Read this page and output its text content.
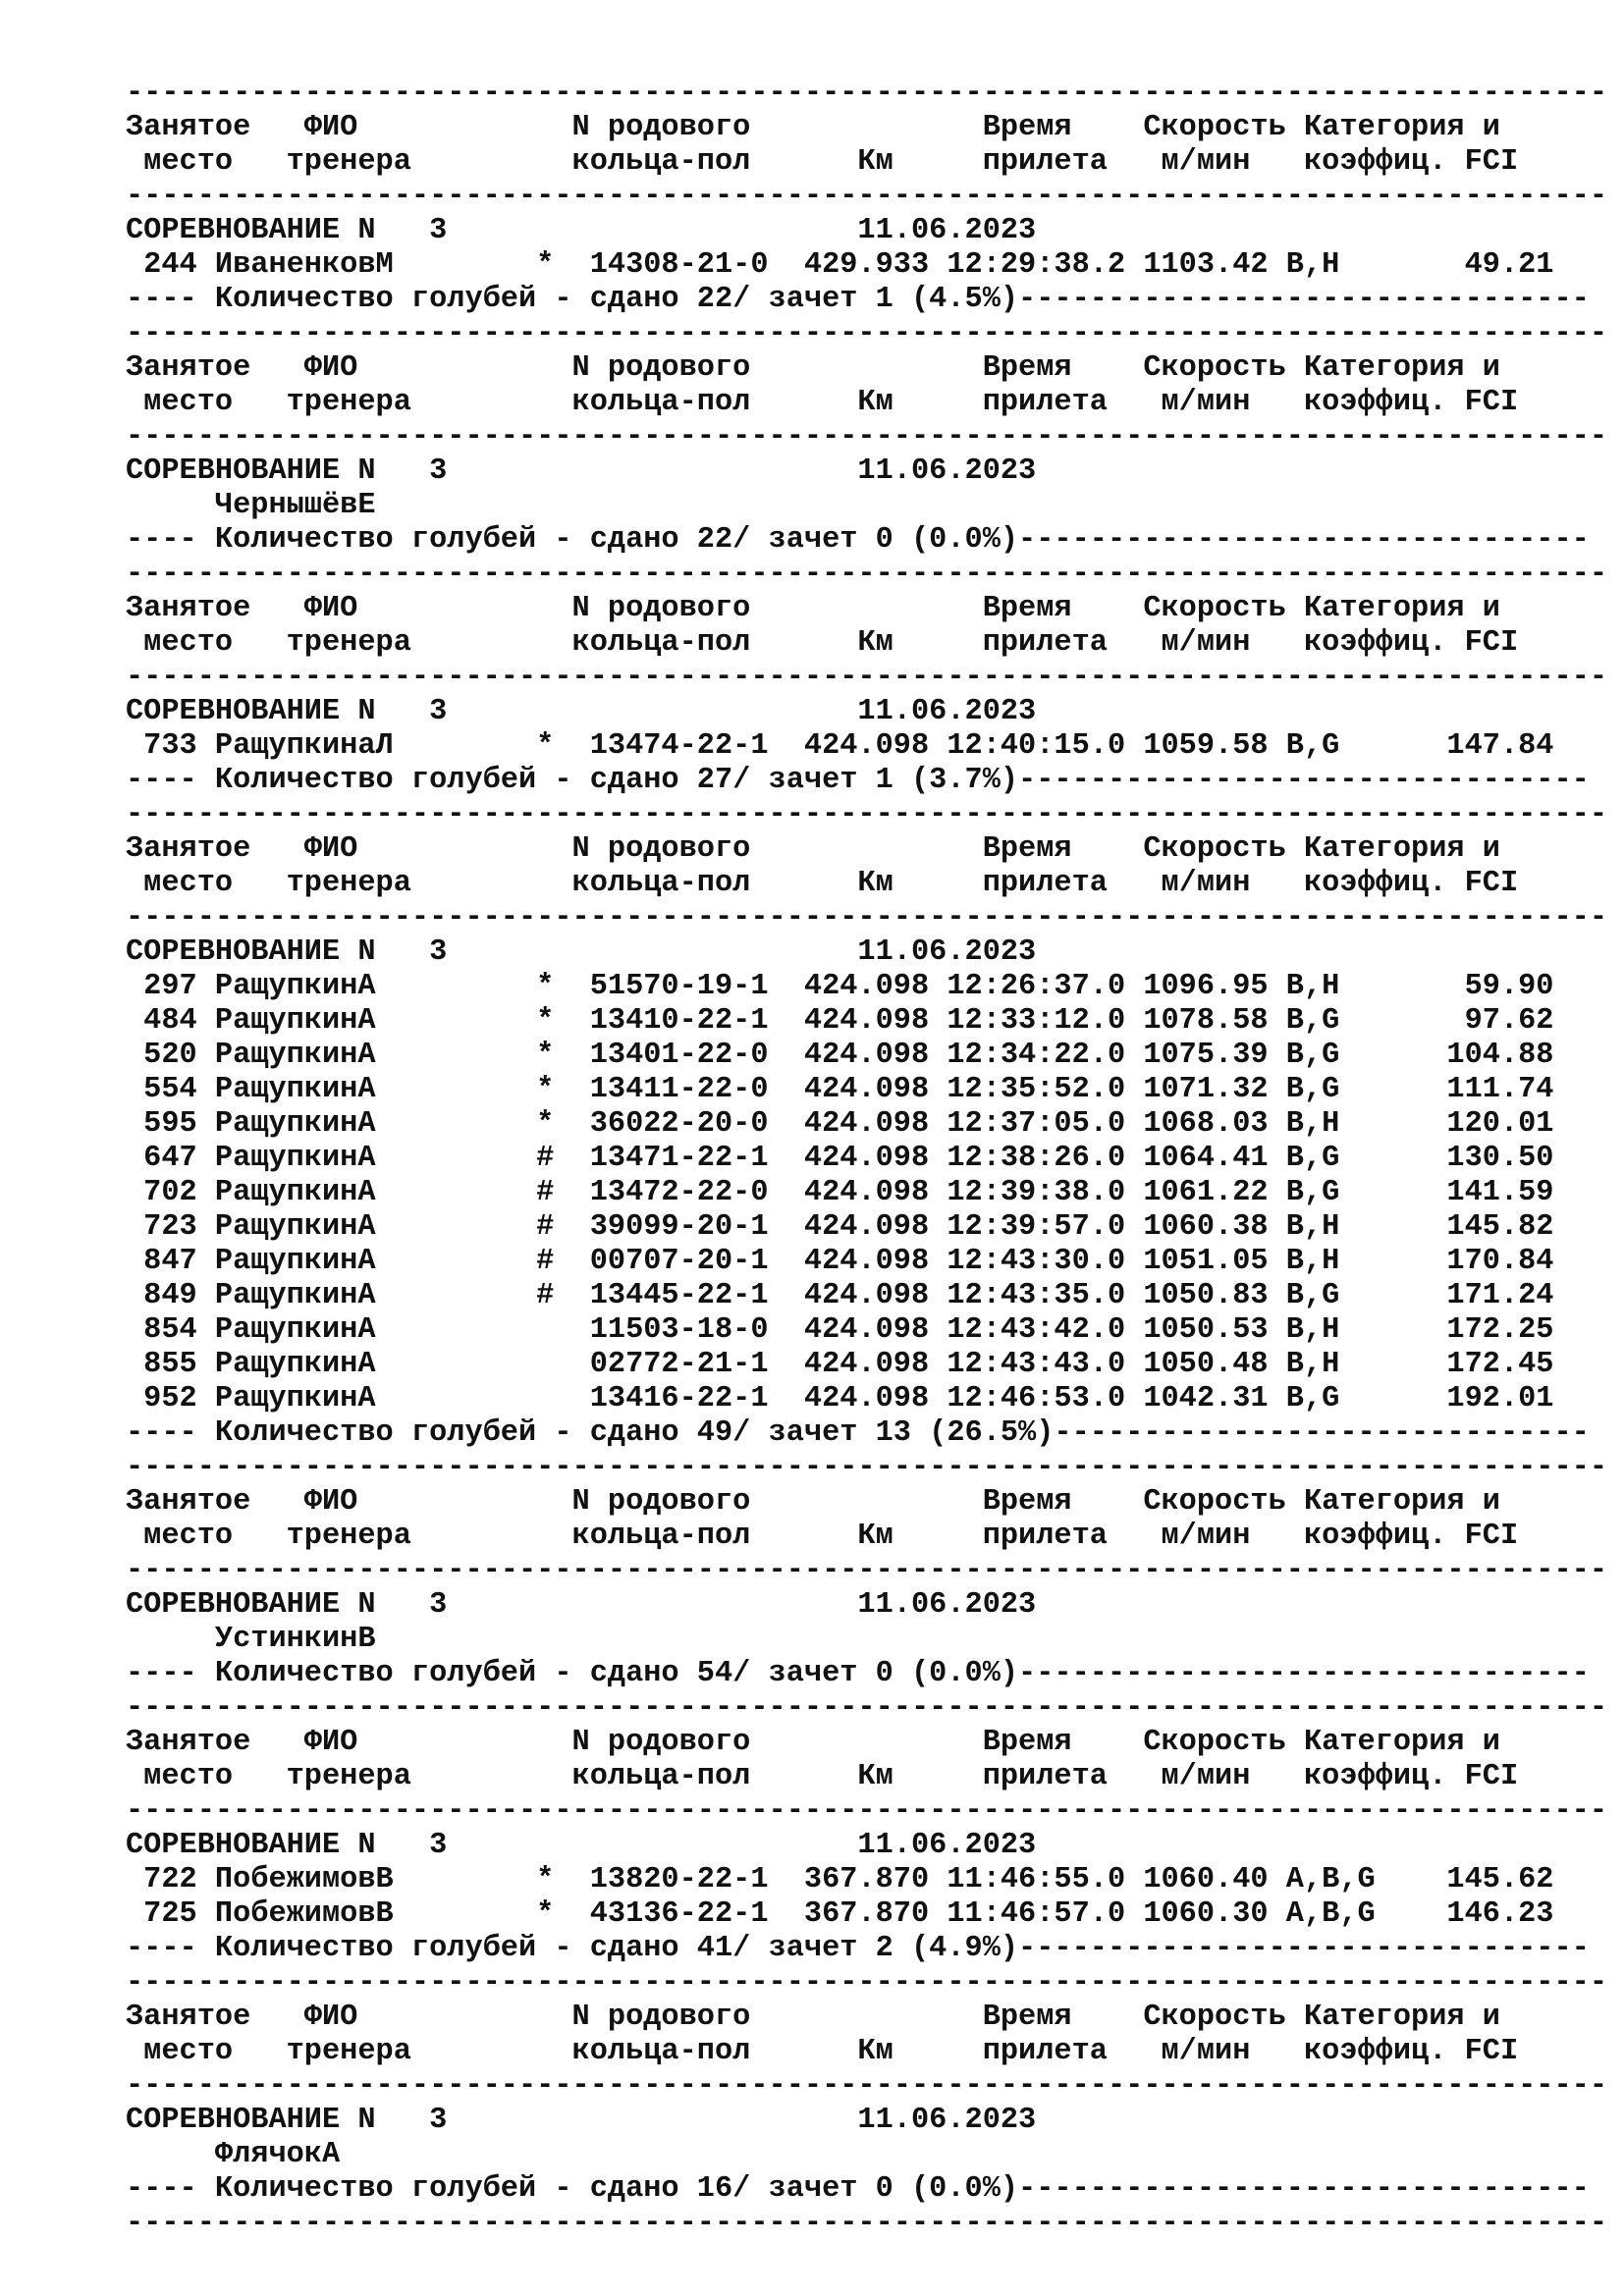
-----------------------------------------------------------------------------------
Занятое   ФИО            N родового             Время    Скорость Категория и
место   тренера         кольца-пол      Км     прилета   м/мин   коэффиц. FCI
-----------------------------------------------------------------------------------
СОРЕВНОВАНИЕ N   3                       11.06.2023
244 ИваненковМ        *  14308-21-0  429.933 12:29:38.2 1103.42 B,H       49.21
---- Количество голубей - сдано 22/ зачет 1 (4.5%)--------------------------------
-----------------------------------------------------------------------------------
Занятое   ФИО            N родового             Время    Скорость Категория и
место   тренера         кольца-пол      Км     прилета   м/мин   коэффиц. FCI
-----------------------------------------------------------------------------------
СОРЕВНОВАНИЕ N   3                       11.06.2023
ЧернышёвЕ
---- Количество голубей - сдано 22/ зачет 0 (0.0%)--------------------------------
-----------------------------------------------------------------------------------
Занятое   ФИО            N родового             Время    Скорость Категория и
место   тренера         кольца-пол      Км     прилета   м/мин   коэффиц. FCI
-----------------------------------------------------------------------------------
СОРЕВНОВАНИЕ N   3                       11.06.2023
733 РащупкинаЛ        *  13474-22-1  424.098 12:40:15.0 1059.58 B,G      147.84
---- Количество голубей - сдано 27/ зачет 1 (3.7%)--------------------------------
-----------------------------------------------------------------------------------
Занятое   ФИО            N родового             Время    Скорость Категория и
место   тренера         кольца-пол      Км     прилета   м/мин   коэффиц. FCI
-----------------------------------------------------------------------------------
СОРЕВНОВАНИЕ N   3                       11.06.2023
297 РащупкинА         *  51570-19-1  424.098 12:26:37.0 1096.95 B,H       59.90
484 РащупкинА         *  13410-22-1  424.098 12:33:12.0 1078.58 B,G       97.62
520 РащупкинА         *  13401-22-0  424.098 12:34:22.0 1075.39 B,G      104.88
554 РащупкинА         *  13411-22-0  424.098 12:35:52.0 1071.32 B,G      111.74
595 РащупкинА         *  36022-20-0  424.098 12:37:05.0 1068.03 B,H      120.01
647 РащупкинА         #  13471-22-1  424.098 12:38:26.0 1064.41 B,G      130.50
702 РащупкинА         #  13472-22-0  424.098 12:39:38.0 1061.22 B,G      141.59
723 РащупкинА         #  39099-20-1  424.098 12:39:57.0 1060.38 B,H      145.82
847 РащупкинА         #  00707-20-1  424.098 12:43:30.0 1051.05 B,H      170.84
849 РащупкинА         #  13445-22-1  424.098 12:43:35.0 1050.83 B,G      171.24
854 РащупкинА            11503-18-0  424.098 12:43:42.0 1050.53 B,H      172.25
855 РащупкинА            02772-21-1  424.098 12:43:43.0 1050.48 B,H      172.45
952 РащупкинА            13416-22-1  424.098 12:46:53.0 1042.31 B,G      192.01
---- Количество голубей - сдано 49/ зачет 13 (26.5%)------------------------------
-----------------------------------------------------------------------------------
Занятое   ФИО            N родового             Время    Скорость Категория и
место   тренера         кольца-пол      Км     прилета   м/мин   коэффиц. FCI
-----------------------------------------------------------------------------------
СОРЕВНОВАНИЕ N   3                       11.06.2023
УстинкинВ
---- Количество голубей - сдано 54/ зачет 0 (0.0%)--------------------------------
-----------------------------------------------------------------------------------
Занятое   ФИО            N родового             Время    Скорость Категория и
место   тренера         кольца-пол      Км     прилета   м/мин   коэффиц. FCI
-----------------------------------------------------------------------------------
СОРЕВНОВАНИЕ N   3                       11.06.2023
722 ПобежимовВ        *  13820-22-1  367.870 11:46:55.0 1060.40 A,B,G    145.62
725 ПобежимовВ        *  43136-22-1  367.870 11:46:57.0 1060.30 A,B,G    146.23
---- Количество голубей - сдано 41/ зачет 2 (4.9%)--------------------------------
-----------------------------------------------------------------------------------
Занятое   ФИО            N родового             Время    Скорость Категория и
место   тренера         кольца-пол      Км     прилета   м/мин   коэффиц. FCI
-----------------------------------------------------------------------------------
СОРЕВНОВАНИЕ N   3                       11.06.2023
ФлячокА
---- Количество голубей - сдано 16/ зачет 0 (0.0%)--------------------------------
-----------------------------------------------------------------------------------
